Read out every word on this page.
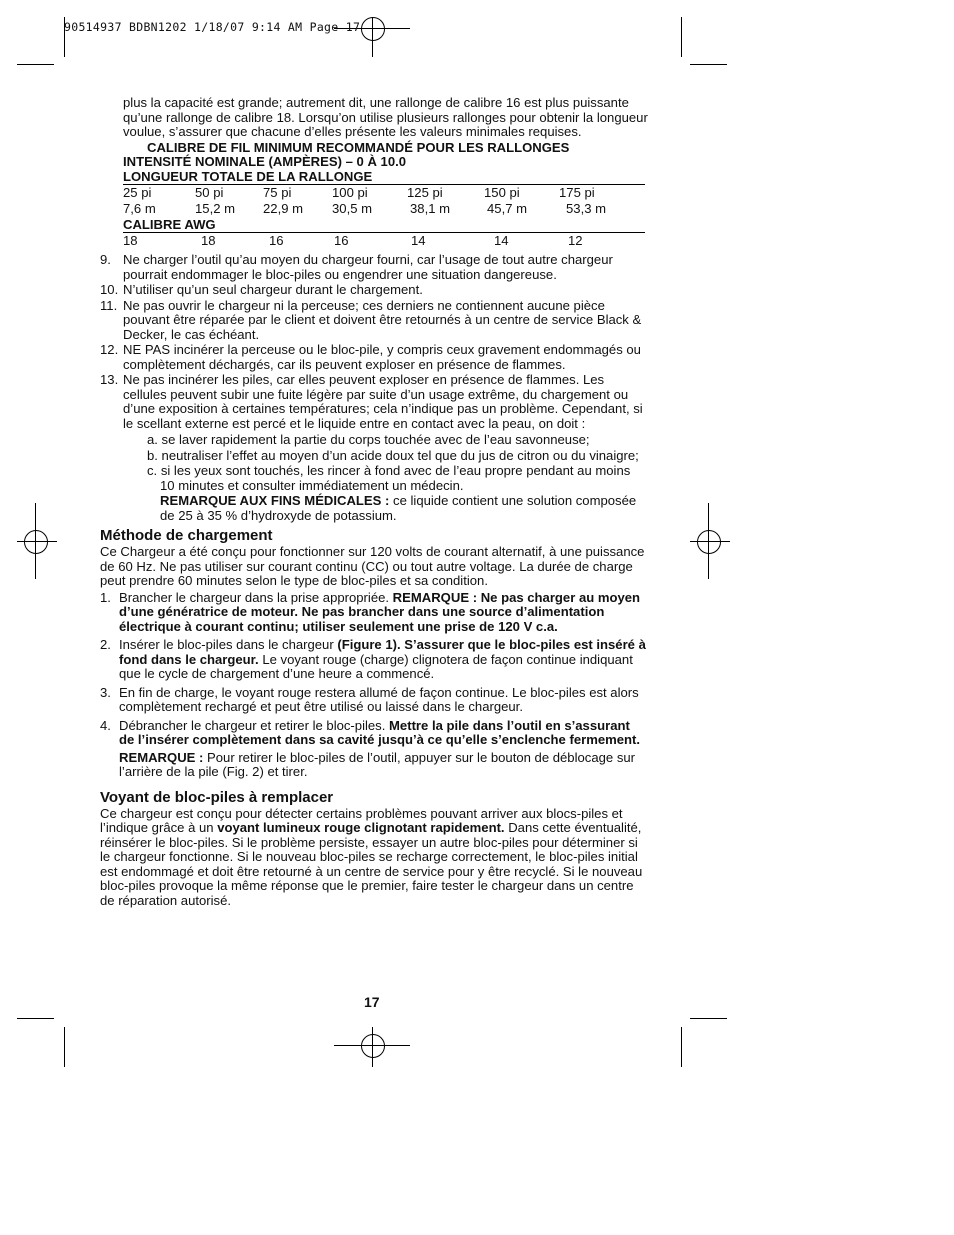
90514937 BDBN1202 1/18/07 9:14 AM Page 17

plus la capacité est grande; autrement dit, une rallonge de calibre 16 est plus puissante qu’une rallonge de calibre 18. Lorsqu’on utilise plusieurs rallonges pour obtenir la longueur voulue, s’assurer que chacune d’elles présente les valeurs minimales requises.

CALIBRE DE FIL MINIMUM RECOMMANDÉ POUR LES RALLONGES

INTENSITÉ NOMINALE (AMPÈRES) – 0 À 10.0

LONGUEUR TOTALE DE LA RALLONGE

25 pi	50 pi	75 pi	100 pi	125 pi	150 pi	175 pi
7,6 m	15,2 m 22,9 m 30,5 m	38,1 m	45,7 m	53,3 m
CALIBRE AWG
18	18	16	16	14	14	12
9. Ne charger l’outil qu’au moyen du chargeur fourni, car l’usage de tout autre chargeur pourrait endommager le bloc-piles ou engendrer une situation dangereuse.
10. N’utiliser qu’un seul chargeur durant le chargement.
11. Ne pas ouvrir le chargeur ni la perceuse; ces derniers ne contiennent aucune pièce pouvant être réparée par le client et doivent être retournés à un centre de service Black & Decker, le cas échéant.
12. NE PAS incinérer la perceuse ou le bloc-pile, y compris ceux gravement endommagés ou complètement déchargés, car ils peuvent exploser en présence de flammes.
13. Ne pas incinérer les piles, car elles peuvent exploser en présence de flammes. Les cellules peuvent subir une fuite légère par suite d’un usage extrême, du chargement ou d’une exposition à certaines températures; cela n’indique pas un problème. Cependant, si le scellant externe est percé et le liquide entre en contact avec la peau, on doit :

a. se laver rapidement la partie du corps touchée avec de l’eau savonneuse;

b. neutraliser l’effet au moyen d’un acide doux tel que du jus de citron ou du vinaigre;

c. si les yeux sont touchés, les rincer à fond avec de l’eau propre pendant au moins 10 minutes et consulter immédiatement un médecin.

REMARQUE AUX FINS MÉDICALES : ce liquide contient une solution composée de 25 à 35 % d’hydroxyde de potassium.

Méthode de chargement

Ce Chargeur a été conçu pour fonctionner sur 120 volts de courant alternatif, à une puissance de 60 Hz. Ne pas utiliser sur courant continu (CC) ou tout autre voltage. La durée de charge peut prendre 60 minutes selon le type de bloc-piles et sa condition.

1. Brancher le chargeur dans la prise appropriée. REMARQUE : Ne pas charger au moyen d’une génératrice de moteur. Ne pas brancher dans une source d’alimentation électrique à courant continu; utiliser seulement une prise de 120 V c.a.
2. Insérer le bloc-piles dans le chargeur (Figure 1). S’assurer que le bloc-piles est inséré à fond dans le chargeur. Le voyant rouge (charge) clignotera de façon continue indiquant que le cycle de chargement d’une heure a commencé.
3. En fin de charge, le voyant rouge restera allumé de façon continue. Le bloc-piles est alors complètement rechargé et peut être utilisé ou laissé dans le chargeur.
4. Débrancher le chargeur et retirer le bloc-piles. Mettre la pile dans l’outil en s’assurant de l’insérer complètement dans sa cavité jusqu’à ce qu’elle s’enclenche fermement.

REMARQUE : Pour retirer le bloc-piles de l’outil, appuyer sur le bouton de déblocage sur l’arrière de la pile (Fig. 2) et tirer.

Voyant de bloc-piles à remplacer

Ce chargeur est conçu pour détecter certains problèmes pouvant arriver aux blocs-piles et l’indique grâce à un voyant lumineux rouge clignotant rapidement. Dans cette éventualité, réinsérer le bloc-piles. Si le problème persiste, essayer un autre bloc-piles pour déterminer si le chargeur fonctionne. Si le nouveau bloc-piles se recharge correctement, le bloc-piles initial est endommagé et doit être retourné à un centre de service pour y être recyclé. Si le nouveau bloc-piles provoque la même réponse que le premier, faire tester le chargeur dans un centre de réparation autorisé.

17
